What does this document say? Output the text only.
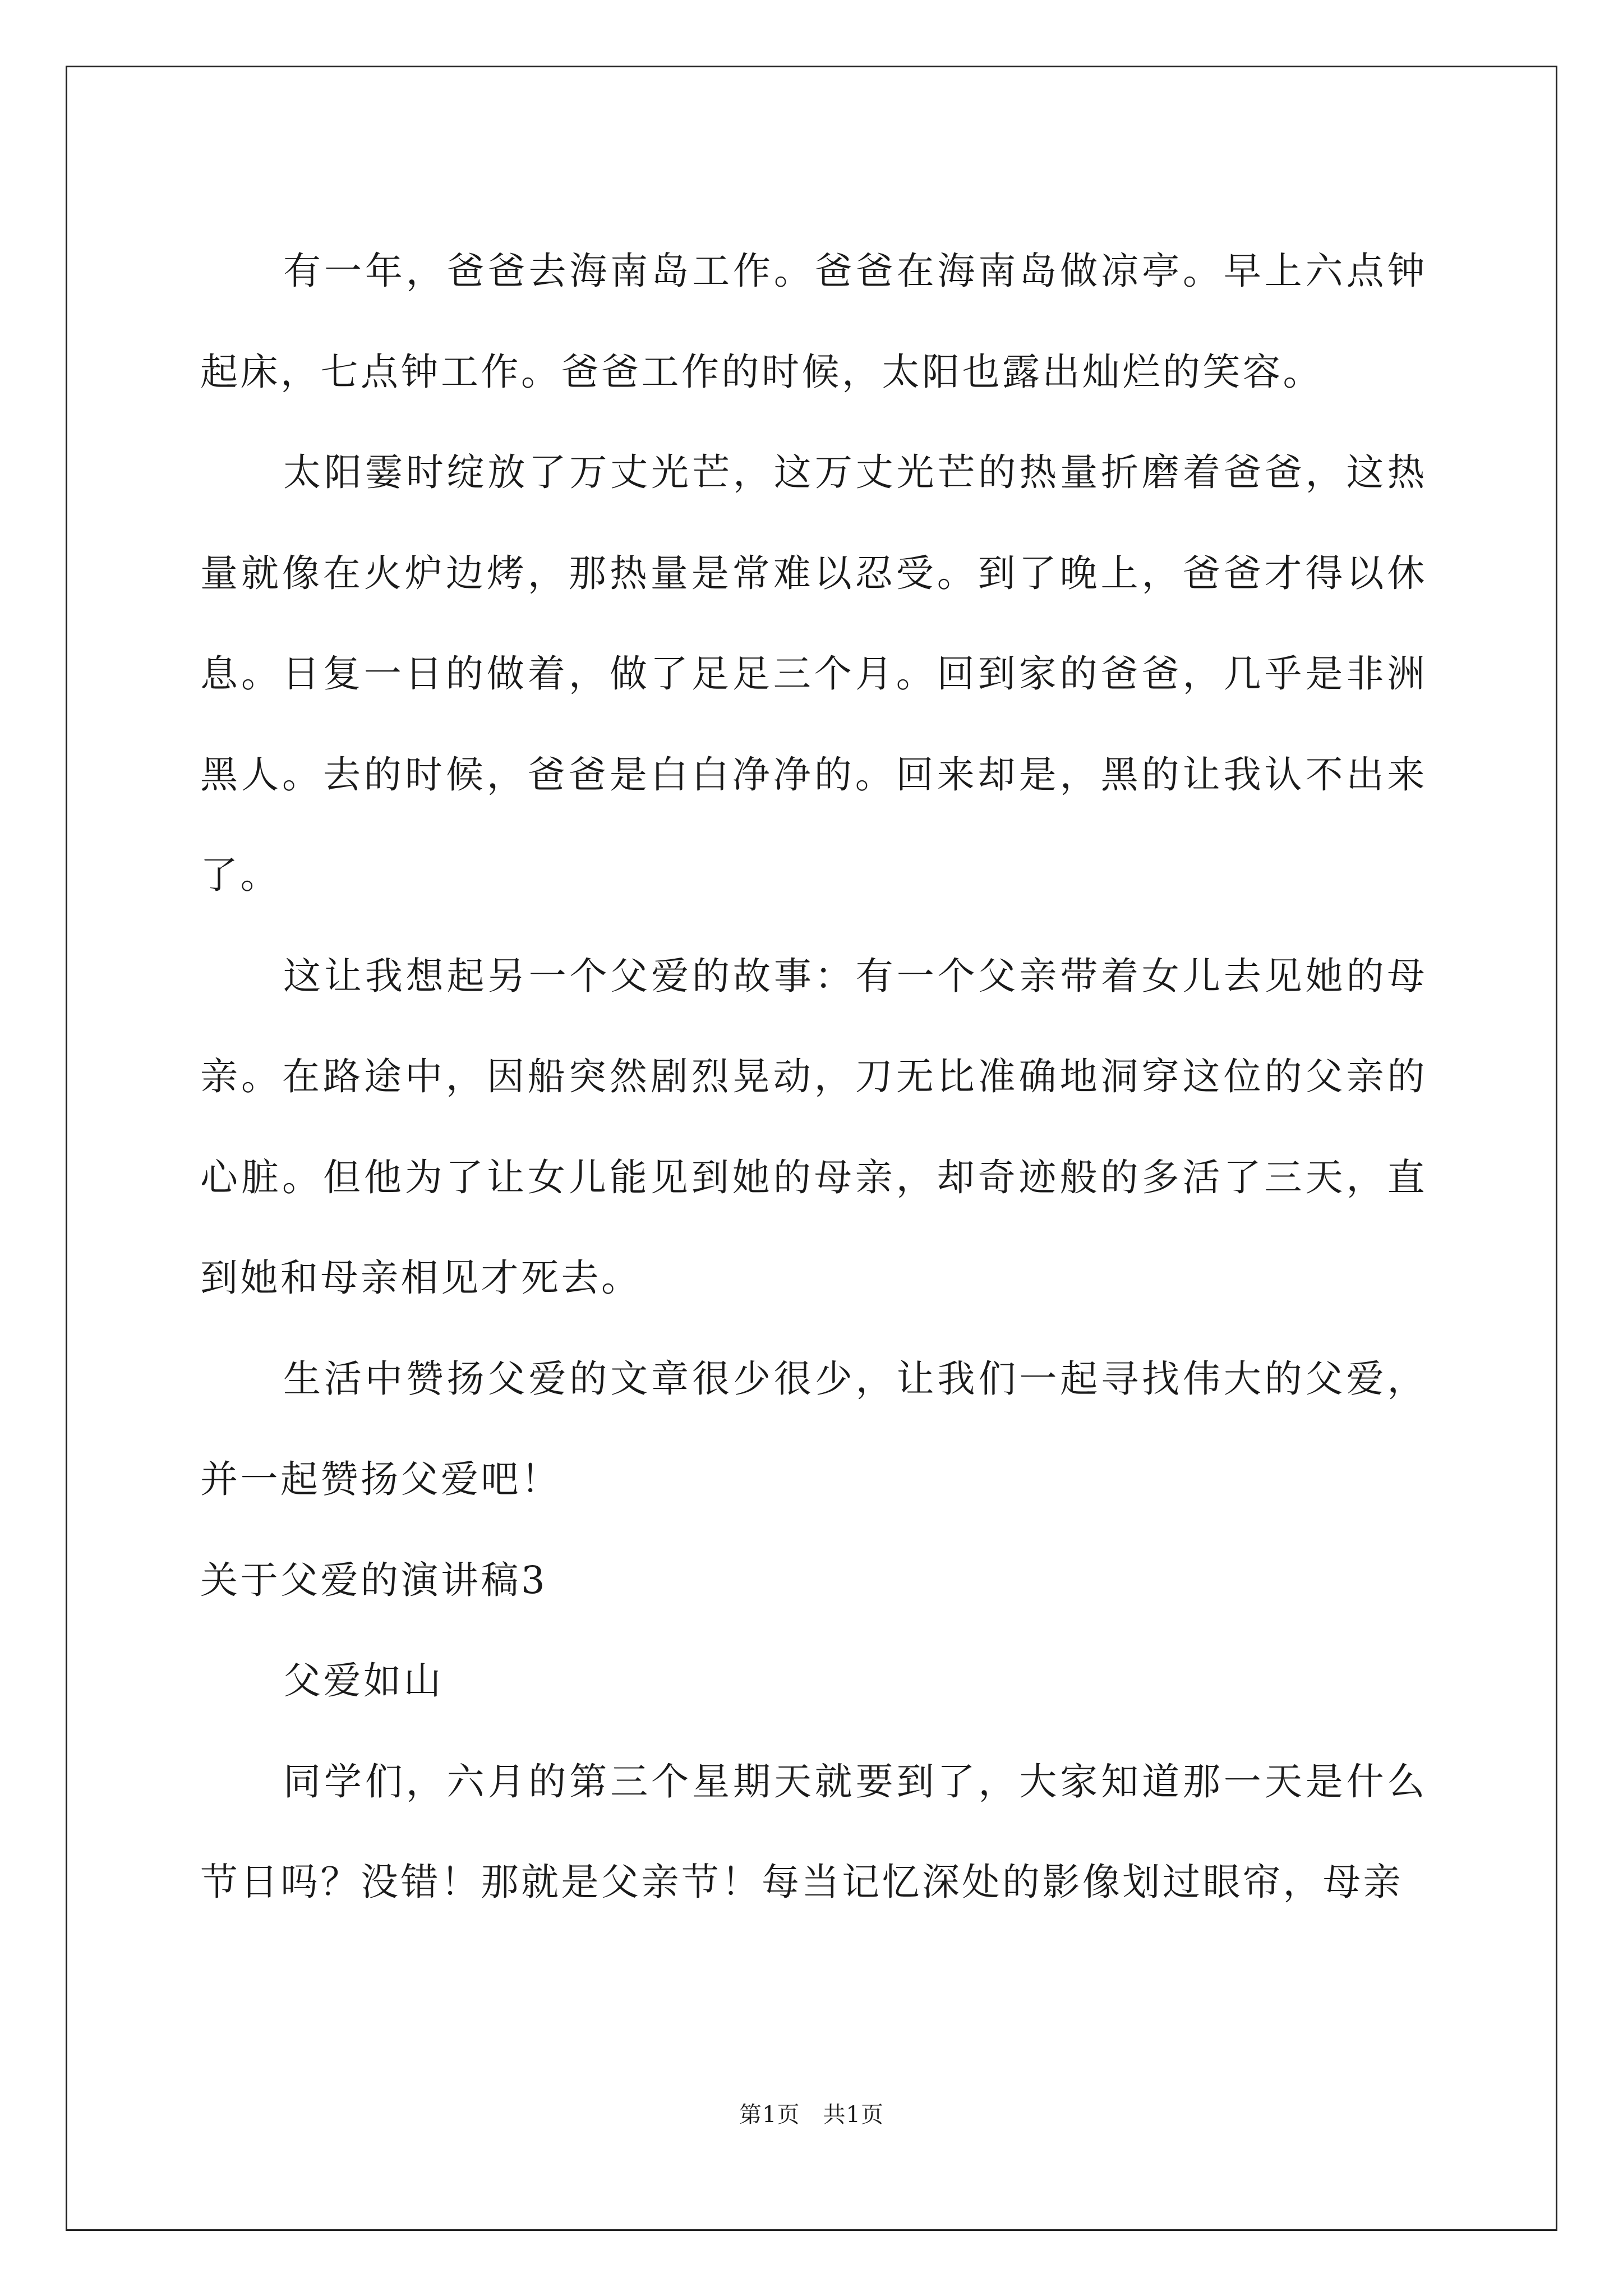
有一年，爸爸去海南岛工作。爸爸在海南岛做凉亭。早上六点钟起床，七点钟工作。爸爸工作的时候，太阳也露出灿烂的笑容。

太阳霎时绽放了万丈光芒，这万丈光芒的热量折磨着爸爸，这热量就像在火炉边烤，那热量是常难以忍受。到了晚上，爸爸才得以休息。日复一日的做着，做了足足三个月。回到家的爸爸，几乎是非洲黑人。去的时候，爸爸是白白净净的。回来却是，黑的让我认不出来了。

这让我想起另一个父爱的故事：有一个父亲带着女儿去见她的母亲。在路途中，因船突然剧烈晃动，刀无比准确地洞穿这位的父亲的心脏。但他为了让女儿能见到她的母亲，却奇迹般的多活了三天，直到她和母亲相见才死去。

生活中赞扬父爱的文章很少很少，让我们一起寻找伟大的父爱，并一起赞扬父爱吧！

关于父爱的演讲稿3

父爱如山

同学们，六月的第三个星期天就要到了，大家知道那一天是什么节日吗？没错！那就是父亲节！每当记忆深处的影像划过眼帘，母亲

第1页　共1页
